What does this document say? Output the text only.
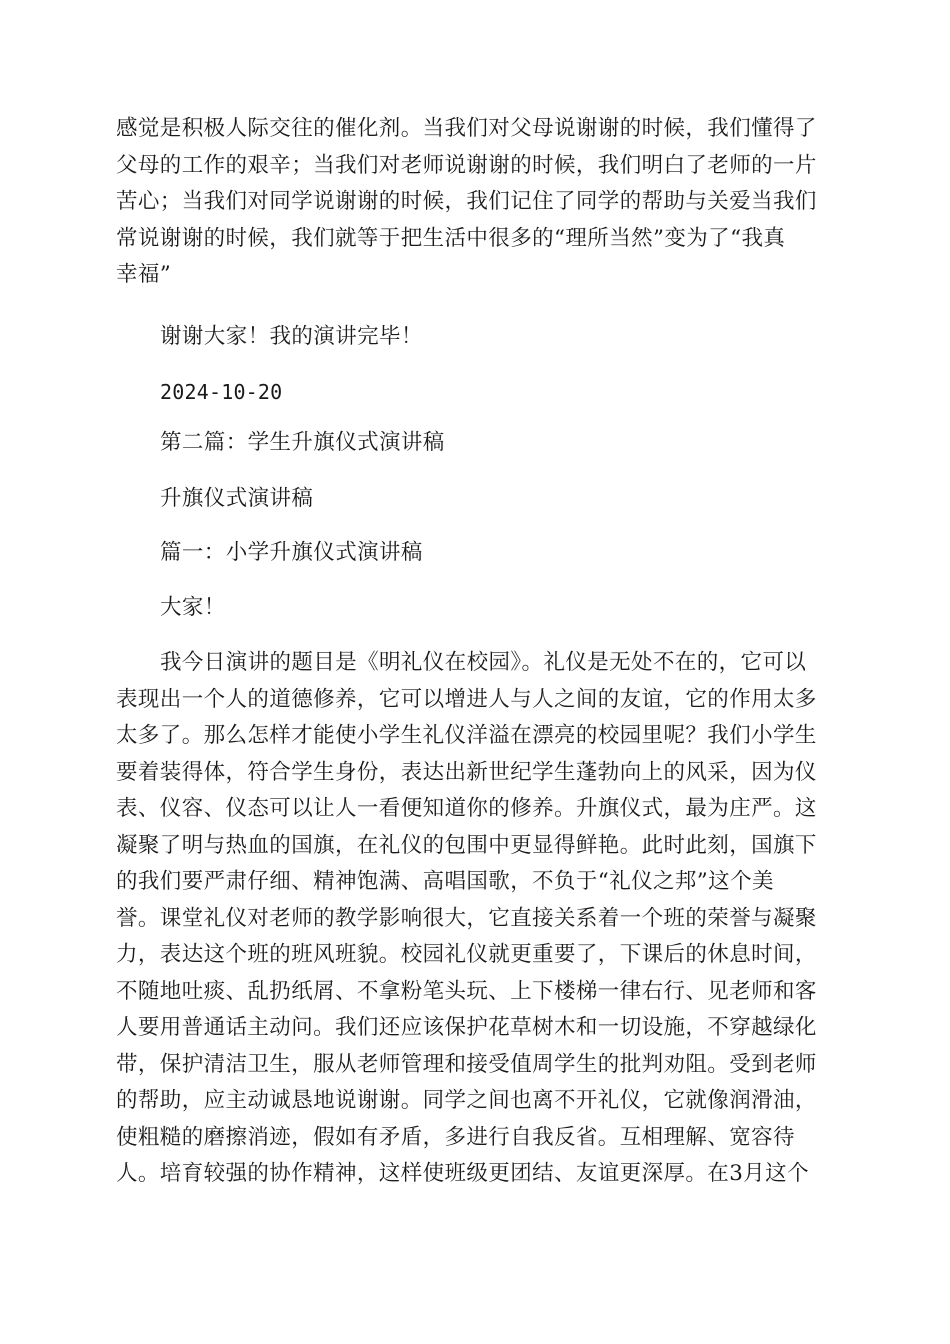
感觉是积极人际交往的催化剂。当我们对父母说谢谢的时候，我们懂得了
父母的工作的艰辛；当我们对老师说谢谢的时候，我们明白了老师的一片
苦心；当我们对同学说谢谢的时候，我们记住了同学的帮助与关爱当我们
常说谢谢的时候，我们就等于把生活中很多的“理所当然”变为了“我真
幸福”
谢谢大家！我的演讲完毕！
2024-10-20
第二篇：学生升旗仪式演讲稿
升旗仪式演讲稿
篇一：小学升旗仪式演讲稿
大家！
我今日演讲的题目是《明礼仪在校园》。礼仪是无处不在的，它可以
表现出一个人的道德修养，它可以增进人与人之间的友谊，它的作用太多
太多了。那么怎样才能使小学生礼仪洋溢在漂亮的校园里呢？我们小学生
要着装得体，符合学生身份，表达出新世纪学生蓬勃向上的风采，因为仪
表、仪容、仪态可以让人一看便知道你的修养。升旗仪式，最为庄严。这
凝聚了明与热血的国旗，在礼仪的包围中更显得鲜艳。此时此刻，国旗下
的我们要严肃仔细、精神饱满、高唱国歌，不负于“礼仪之邦”这个美
誉。课堂礼仪对老师的教学影响很大，它直接关系着一个班的荣誉与凝聚
力，表达这个班的班风班貌。校园礼仪就更重要了，下课后的休息时间，
不随地吐痰、乱扔纸屑、不拿粉笔头玩、上下楼梯一律右行、见老师和客
人要用普通话主动问。我们还应该保护花草树木和一切设施，不穿越绿化
带，保护清洁卫生，服从老师管理和接受值周学生的批判劝阻。受到老师
的帮助，应主动诚恳地说谢谢。同学之间也离不开礼仪，它就像润滑油，
使粗糙的磨擦消迹，假如有矛盾，多进行自我反省。互相理解、宽容待
人。培育较强的协作精神，这样使班级更团结、友谊更深厚。在3月这个
